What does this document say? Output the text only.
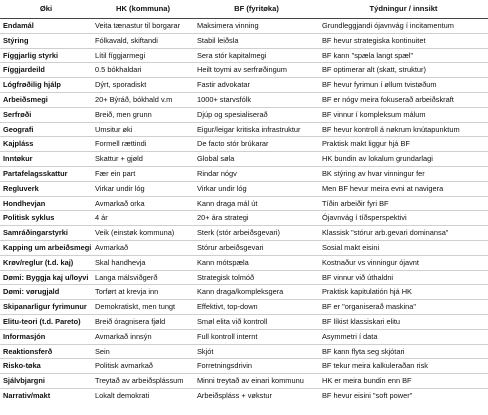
Øki	HK (kommuna)	BF (fyritøka)	Týdningur / innsikt
Endamál	Veita tænastur til borgarar	Maksimera vinning	Grundleggjandi ójavnvág í incitamentum
Stýring	Fólkavald, skiftandi	Stabil leiðsla	BF hevur strategiska kontinuitet
Fíggjarlig styrki	Lítil fíggjarmegi	Sera stór kapitalmegi	BF kann "spæla langt spæl"
Fíggjardeild	0.5 bókhaldari	Heilt toymi av serfrøðingum	BF optimerar alt (skatt, struktur)
Lógfrøðilig hjálp	Dýrt, sporadiskt	Fastir advokatar	BF hevur fyrimun í øllum tvistøðum
Arbeiðsmegi	20+ Býráð, bókhald v.m	1000+ starvsfólk	BF er nógv meira fokuserað arbeiðskraft
Serfrøði	Breið, men grunn	Djúp og spesialiserað	BF vinnur í kompleksum málum
Geografi	Umsitur øki	Eigur/leigar kritiska infrastruktur	BF hevur kontroll á nøkrum knútapunktum
Kajpláss	Formell rættindi	De facto stór brúkarar	Praktisk makt liggur hjá BF
Inntøkur	Skattur + gjøld	Global søla	HK bundin av lokalum grundarlagi
Partafelagsskattur	Fær ein part	Rindar nógv	BK stýring av hvar vinningur fer
Regluverk	Virkar undir lóg	Virkar undir lóg	Men BF hevur meira evni at navigera
Hondhevjan	Avmarkað orka	Kann draga mál út	Tíðin arbeiðir fyri BF
Politisk syklus	4 ár	20+ ára strategi	Ójavnvág í tíðsperspektivi
Samráðingarstyrki	Veik (einstøk kommuna)	Sterk (stór arbeiðsgevari)	Klassisk "stórur arb.gevari dominansa"
Kapping um arbeiðsmegi	Avmarkað	Stórur arbeiðsgevari	Sosial makt eisini
Krøv/reglur (t.d. kaj)	Skal handhevja	Kann mótspæla	Kostnaður vs vinningur ójavnt
Dømi: Byggja kaj u/loyvi	Langa málsviðgerð	Strategisk tolmóð	BF vinnur við úthaldni
Dømi: vørugjald	Torført at krevja inn	Kann draga/kompleksgera	Praktisk kapitulatión hjá HK
Skipanarligur fyrimunur	Demokratiskt, men tungt	Effektivt, top-down	BF er "organiserað maskina"
Elitu-teori (t.d. Pareto)	Breið óragnisera fjøld	Smøl elita við kontroll	BF líkist klassiskari elitu
Informasjón	Avmarkað innsýn	Full kontroll internt	Asymmetri í data
Reaktionsferð	Sein	Skjót	BF kann flyta seg skjótari
Risko-tøka	Politisk avmarkað	Forretningsdrivin	BF tekur meira kalkuleraðan risk
Sjálvbjargni	Treytað av arbeiðsplássum	Minni treytað av einari kommunu	HK er meira bundin enn BF
Narrativ/makt	Lokalt demokrati	Arbeiðspláss + vøkstur	BF hevur eisini "soft power"
